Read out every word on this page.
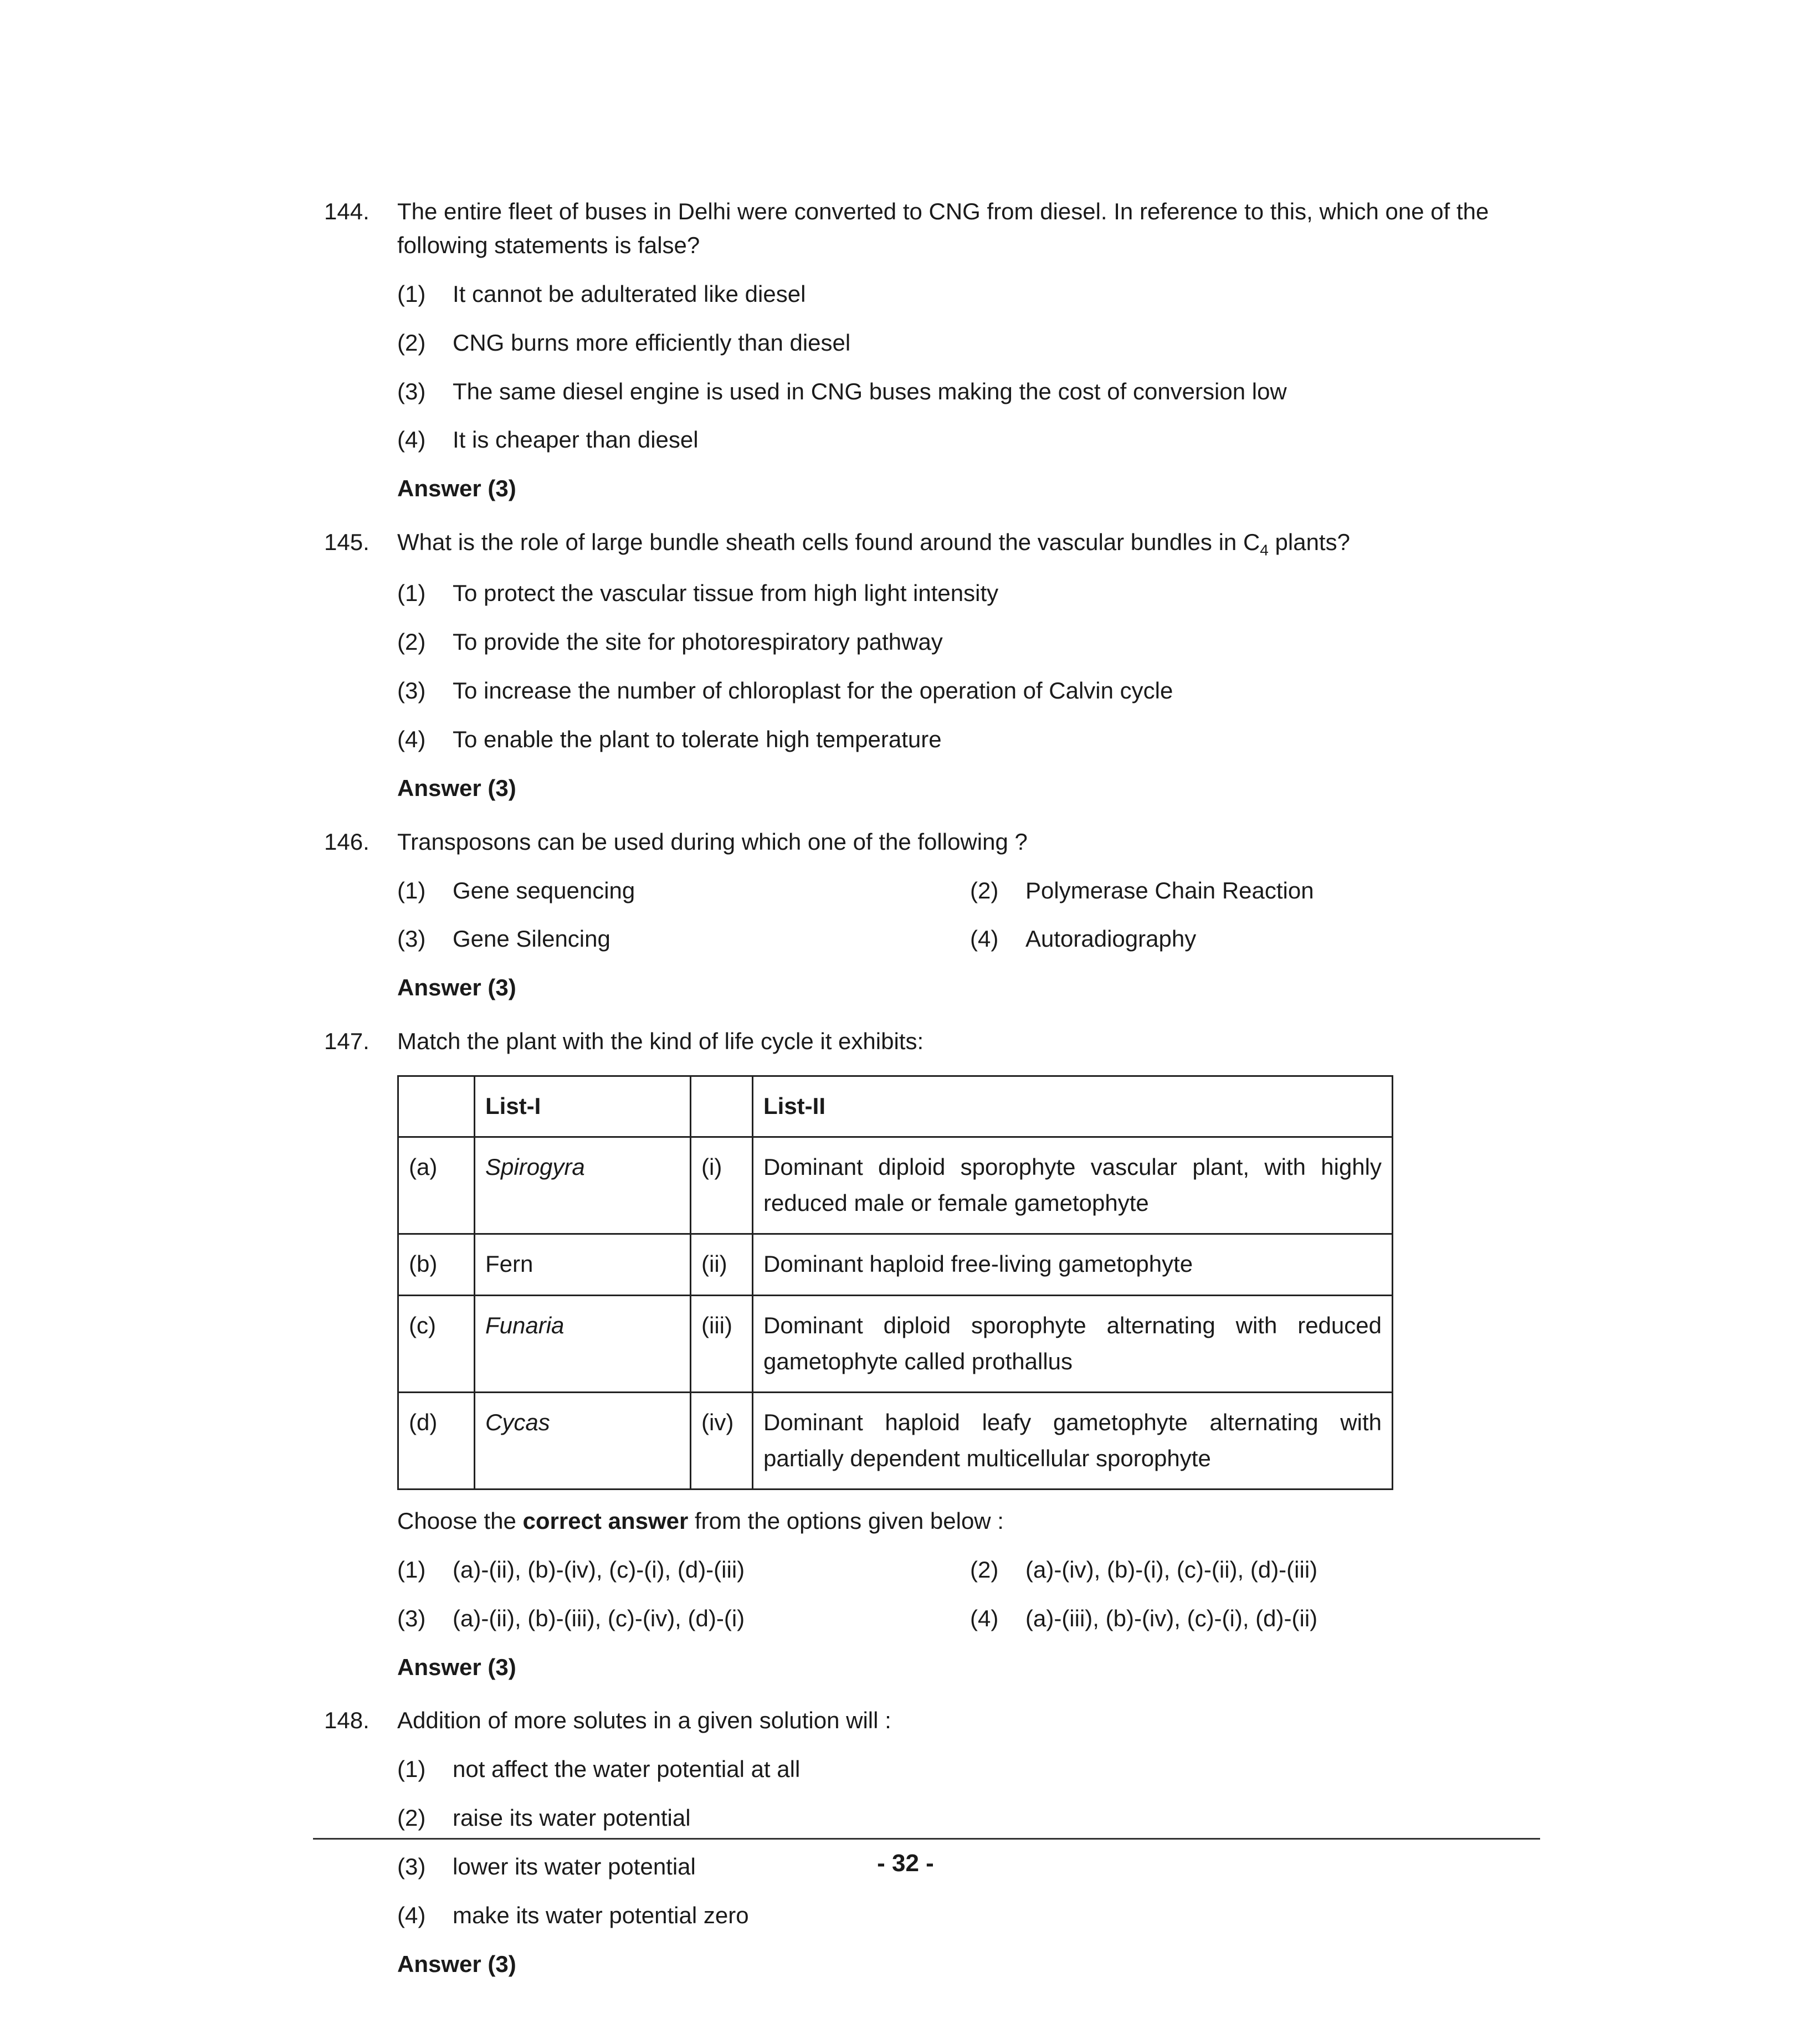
144. The entire fleet of buses in Delhi were converted to CNG from diesel. In reference to this, which one of the following statements is false?

(1) It cannot be adulterated like diesel
(2) CNG burns more efficiently than diesel
(3) The same diesel engine is used in CNG buses making the cost of conversion low
(4) It is cheaper than diesel
Answer (3)
145. What is the role of large bundle sheath cells found around the vascular bundles in $C_4$ plants?

(1) To protect the vascular tissue from high light intensity
(2) To provide the site for photorespiratory pathway
(3) To increase the number of chloroplast for the operation of Calvin cycle
(4) To enable the plant to tolerate high temperature
Answer (3)
146. Transposons can be used during which one of the following ?

(1) Gene sequencing	(2) Polymerase Chain Reaction
(3) Gene Silencing	(4) Autoradiography
Answer (3)
147. Match the plant with the kind of life cycle it exhibits:

	List-I		List-II
(a)	Spirogyra	(i)	Dominant diploid sporophyte vascular plant, with highly reduced male or female gametophyte
(b)	Fern	(ii)	Dominant haploid free-living gametophyte
(c)	Funaria	(iii)	Dominant diploid sporophyte alternating with reduced gametophyte called prothallus
(d)	Cycas	(iv)	Dominant haploid leafy gametophyte alternating with partially dependent multicellular sporophyte

Choose the correct answer from the options given below :

(1) (a)-(ii), (b)-(iv), (c)-(i), (d)-(iii)	(2) (a)-(iv), (b)-(i), (c)-(ii), (d)-(iii)
(3) (a)-(ii), (b)-(iii), (c)-(iv), (d)-(i)	(4) (a)-(iii), (b)-(iv), (c)-(i), (d)-(ii)
Answer (3)
148. Addition of more solutes in a given solution will :

(1) not affect the water potential at all
(2) raise its water potential
(3) lower its water potential
(4) make its water potential zero
Answer (3)
- 32 -
